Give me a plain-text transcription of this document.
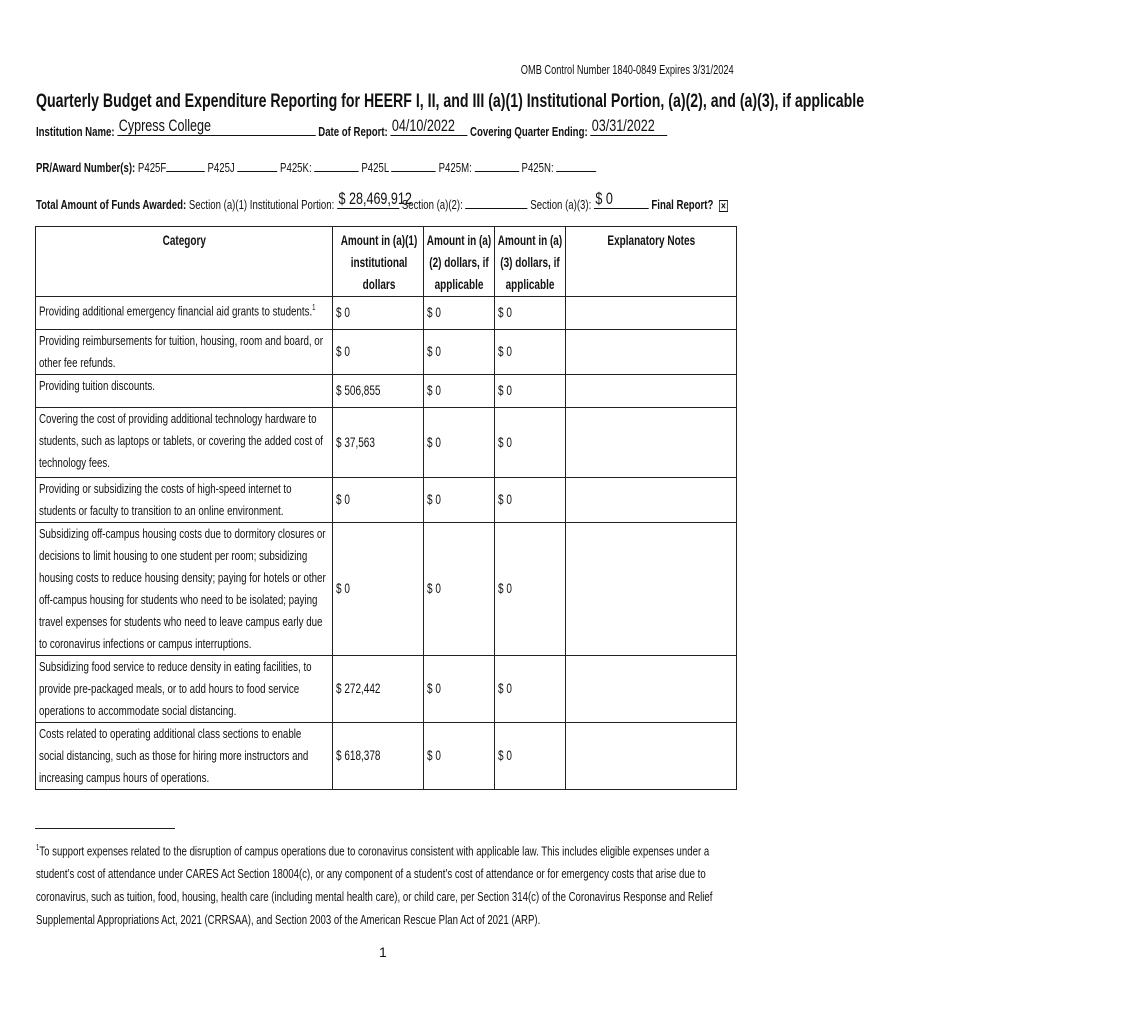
OMB Control Number 1840-0849 Expires 3/31/2024
Quarterly Budget and Expenditure Reporting for HEERF I, II, and III (a)(1) Institutional Portion, (a)(2), and (a)(3), if applicable
Institution Name: Cypress College	Date of Report: 04/10/2022 Covering Quarter Ending: 03/31/2022
PR/Award Number(s): P425F	P425J	P425K:	P425L	P425M:	P425N:
Total Amount of Funds Awarded: Section (a)(1) Institutional Portion: $ 28,469,912
Section (a)(2):	Section (a)(3): $ 0	Final Report? ✕
Category	Amount in (a)(1) institutional dollars	Amount in (a)(2) dollars, if applicable	Amount in (a)(3) dollars, if applicable	Explanatory Notes
Providing additional emergency financial aid grants to students.$^1$	$ 0	$ 0	$ 0	
Providing reimbursements for tuition, housing, room and board, or other fee refunds.	$ 0	$ 0	$ 0	
Providing tuition discounts.	$ 506,855	$ 0	$ 0	
Covering the cost of providing additional technology hardware to students, such as laptops or tablets, or covering the added cost of technology fees.	$ 37,563	$ 0	$ 0	
Providing or subsidizing the costs of high-speed internet to students or faculty to transition to an online environment.	$ 0	$ 0	$ 0	
Subsidizing off-campus housing costs due to dormitory closures or decisions to limit housing to one student per room; subsidizing housing costs to reduce housing density; paying for hotels or other off-campus housing for students who need to be isolated; paying travel expenses for students who need to leave campus early due to coronavirus infections or campus interruptions.	$ 0	$ 0	$ 0	
Subsidizing food service to reduce density in eating facilities, to provide pre-packaged meals, or to add hours to food service operations to accommodate social distancing.	$ 272,442	$ 0	$ 0	
Costs related to operating additional class sections to enable social distancing, such as those for hiring more instructors and increasing campus hours of operations.	$ 618,378	$ 0	$ 0	
$^1$To support expenses related to the disruption of campus operations due to coronavirus consistent with applicable law. This includes eligible expenses under a student’s cost of attendance under CARES Act Section 18004(c), or any component of a student’s cost of attendance or for emergency costs that arise due to coronavirus, such as tuition, food, housing, health care (including mental health care), or child care, per Section 314(c) of the Coronavirus Response and Relief Supplemental Appropriations Act, 2021 (CRRSAA), and Section 2003 of the American Rescue Plan Act of 2021 (ARP).
1
